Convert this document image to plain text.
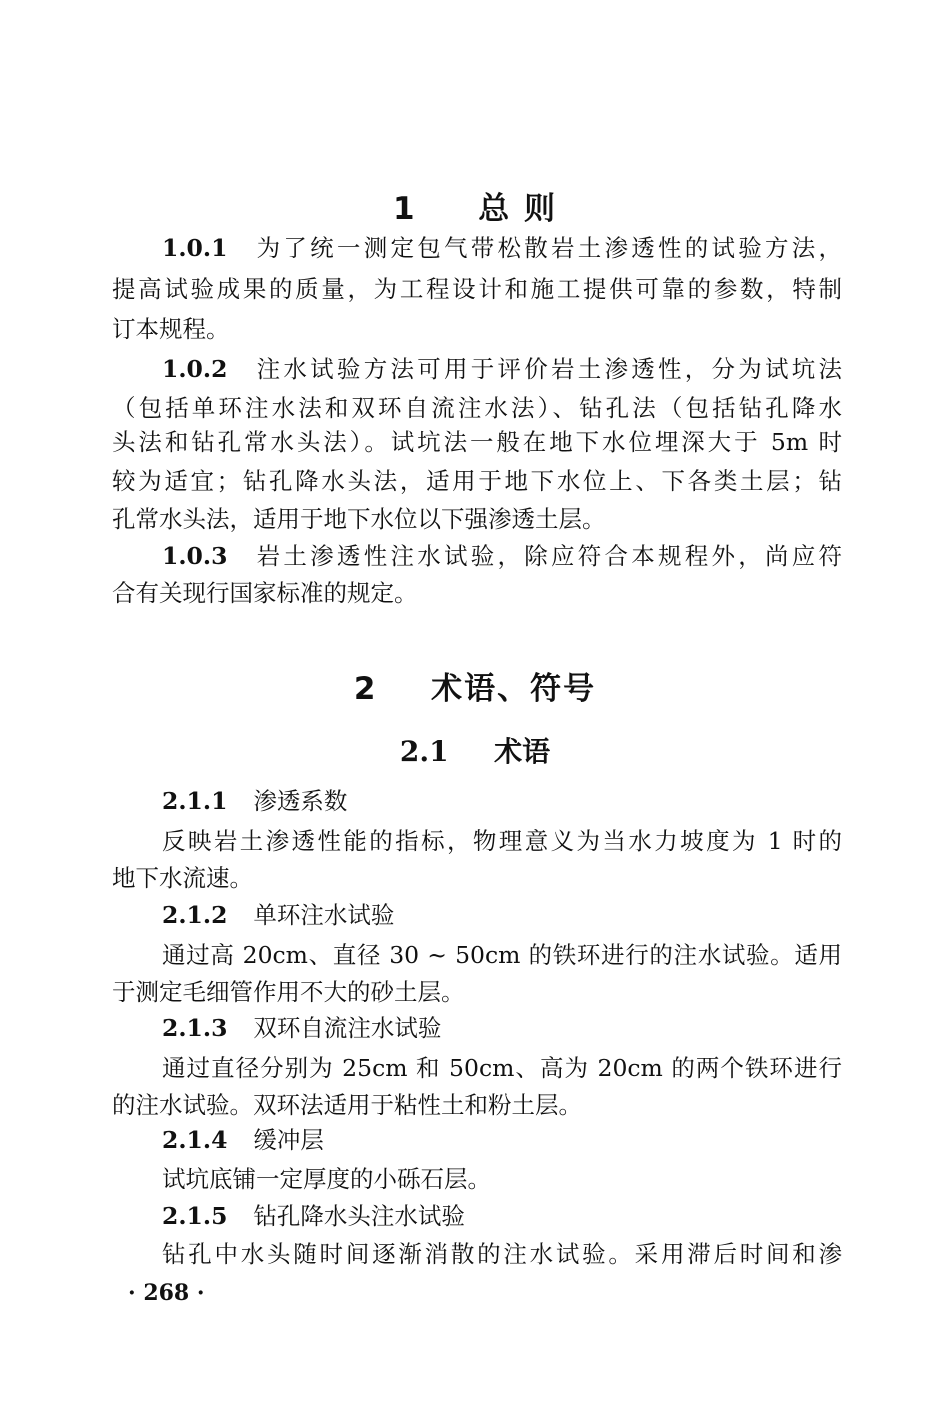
1 总 则
1.0.1 为了统一测定包气带松散岩土渗透性的试验方法，
提高试验成果的质量，为工程设计和施工提供可靠的参数，特制
订本规程。
1.0.2 注水试验方法可用于评价岩土渗透性，分为试坑法
（包括单环注水法和双环自流注水法）、钻孔法（包括钻孔降水
头法和钻孔常水头法）。试坑法一般在地下水位埋深大于 5m 时
较为适宜；钻孔降水头法，适用于地下水位上、下各类土层；钻
孔常水头法，适用于地下水位以下强渗透土层。
1.0.3 岩土渗透性注水试验，除应符合本规程外，尚应符
合有关现行国家标准的规定。
2 术语、符号
2.1 术语
2.1.1 渗透系数
反映岩土渗透性能的指标，物理意义为当水力坡度为 1 时的
地下水流速。
2.1.2 单环注水试验
通过高 20cm、直径 30 ~ 50cm 的铁环进行的注水试验。适用
于测定毛细管作用不大的砂土层。
2.1.3 双环自流注水试验
通过直径分别为 25cm 和 50cm、高为 20cm 的两个铁环进行
的注水试验。双环法适用于粘性土和粉土层。
2.1.4 缓冲层
试坑底铺一定厚度的小砾石层。
2.1.5 钻孔降水头注水试验
钻孔中水头随时间逐渐消散的注水试验。采用滞后时间和渗
· 268 ·
